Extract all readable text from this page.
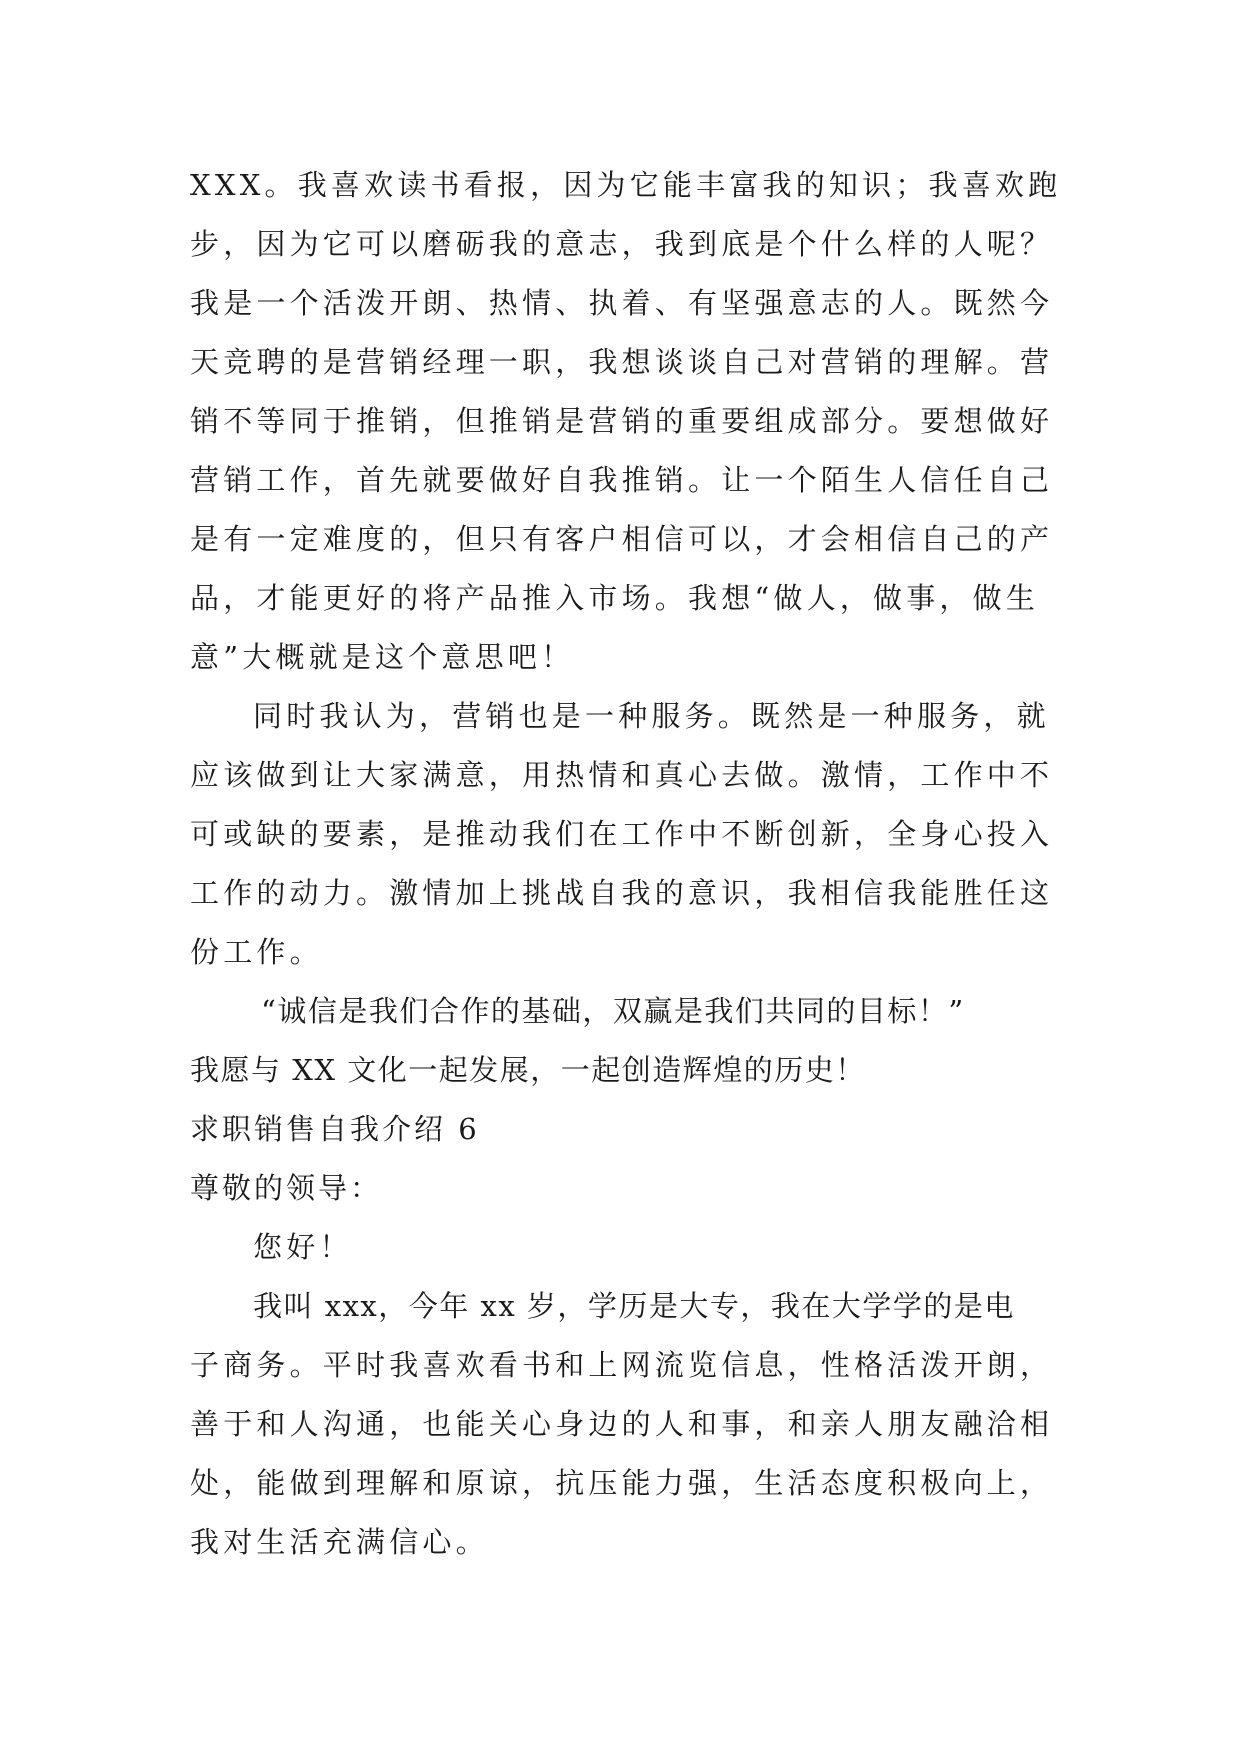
XXX。我喜欢读书看报，因为它能丰富我的知识；我喜欢跑
步，因为它可以磨砺我的意志，我到底是个什么样的人呢？
我是一个活泼开朗、热情、执着、有坚强意志的人。既然今
天竞聘的是营销经理一职，我想谈谈自己对营销的理解。营
销不等同于推销，但推销是营销的重要组成部分。要想做好
营销工作，首先就要做好自我推销。让一个陌生人信任自己
是有一定难度的，但只有客户相信可以，才会相信自己的产
品，才能更好的将产品推入市场。我想“做人，做事，做生
意”大概就是这个意思吧！
同时我认为，营销也是一种服务。既然是一种服务，就
应该做到让大家满意，用热情和真心去做。激情，工作中不
可或缺的要素，是推动我们在工作中不断创新，全身心投入
工作的动力。激情加上挑战自我的意识，我相信我能胜任这
份工作。
“诚信是我们合作的基础，双赢是我们共同的目标！”
我愿与 XX 文化一起发展，一起创造辉煌的历史！
求职销售自我介绍 6
尊敬的领导：
您好！
我叫 xxx，今年 xx 岁，学历是大专，我在大学学的是电
子商务。平时我喜欢看书和上网流览信息，性格活泼开朗，
善于和人沟通，也能关心身边的人和事，和亲人朋友融洽相
处，能做到理解和原谅，抗压能力强，生活态度积极向上，
我对生活充满信心。
